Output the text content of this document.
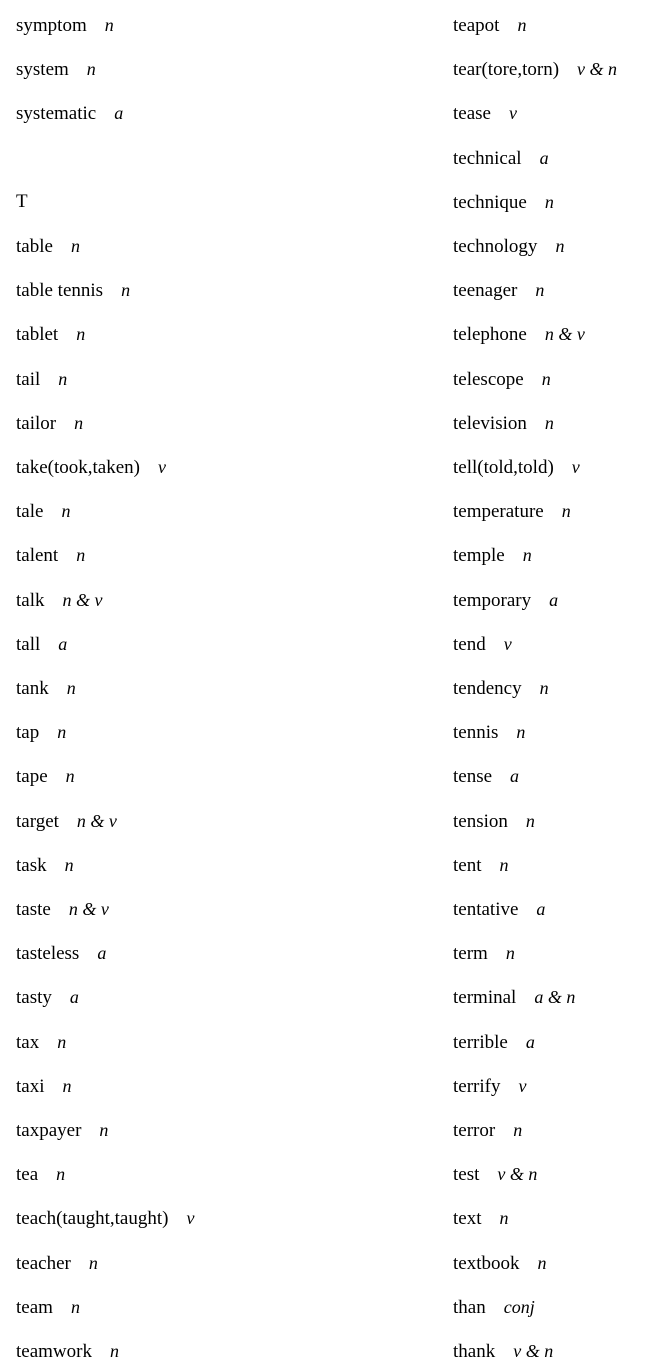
symptom n
system n
systematic a
T
table n
table tennis n
tablet n
tail n
tailor n
take(took,taken) v
tale n
talent n
talk n & v
tall a
tank n
tap n
tape n
target n & v
task n
taste n & v
tasteless a
tasty a
tax n
taxi n
taxpayer n
tea n
teach(taught,taught) v
teacher n
team n
teamwork n
teapot n
tear(tore,torn) v & n
tease v
technical a
technique n
technology n
teenager n
telephone n & v
telescope n
television n
tell(told,told) v
temperature n
temple n
temporary a
tend v
tendency n
tennis n
tense a
tension n
tent n
tentative a
term n
terminal a & n
terrible a
terrify v
terror n
test v & n
text n
textbook n
than conj
thank v & n
